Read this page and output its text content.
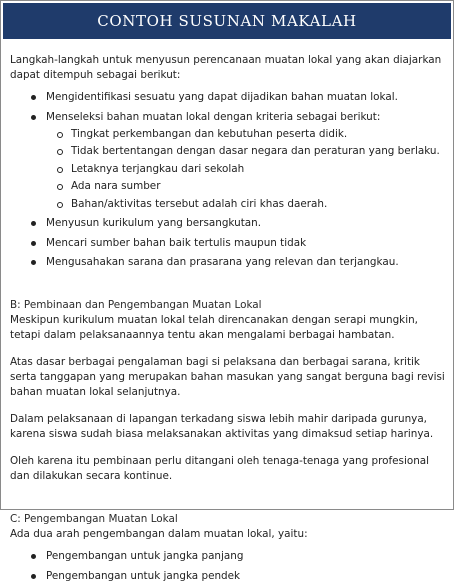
CONTOH SUSUNAN MAKALAH

Langkah-langkah untuk menyusun perencanaan muatan lokal yang akan diajarkan dapat ditempuh sebagai berikut:

Mengidentifikasi sesuatu yang dapat dijadikan bahan muatan lokal.
Menseleksi bahan muatan lokal dengan kriteria sebagai berikut:
Tingkat perkembangan dan kebutuhan peserta didik.
Tidak bertentangan dengan dasar negara dan peraturan yang berlaku.
Letaknya terjangkau dari sekolah
Ada nara sumber
Bahan/aktivitas tersebut adalah ciri khas daerah.
Menyusun kurikulum yang bersangkutan.
Mencari sumber bahan baik tertulis maupun tidak
Mengusahakan sarana dan prasarana yang relevan dan terjangkau.

B: Pembinaan dan Pengembangan Muatan Lokal

Meskipun kurikulum muatan lokal telah direncanakan dengan serapi mungkin, tetapi dalam pelaksanaannya tentu akan mengalami berbagai hambatan.

Atas dasar berbagai pengalaman bagi si pelaksana dan berbagai sarana, kritik serta tanggapan yang merupakan bahan masukan yang sangat berguna bagi revisi bahan muatan lokal selanjutnya.

Dalam pelaksanaan di lapangan terkadang siswa lebih mahir daripada gurunya, karena siswa sudah biasa melaksanakan aktivitas yang dimaksud setiap harinya.

Oleh karena itu pembinaan perlu ditangani oleh tenaga-tenaga yang profesional dan dilakukan secara kontinue.

C: Pengembangan Muatan Lokal

Ada dua arah pengembangan dalam muatan lokal, yaitu:

Pengembangan untuk jangka panjang
Pengembangan untuk jangka pendek
